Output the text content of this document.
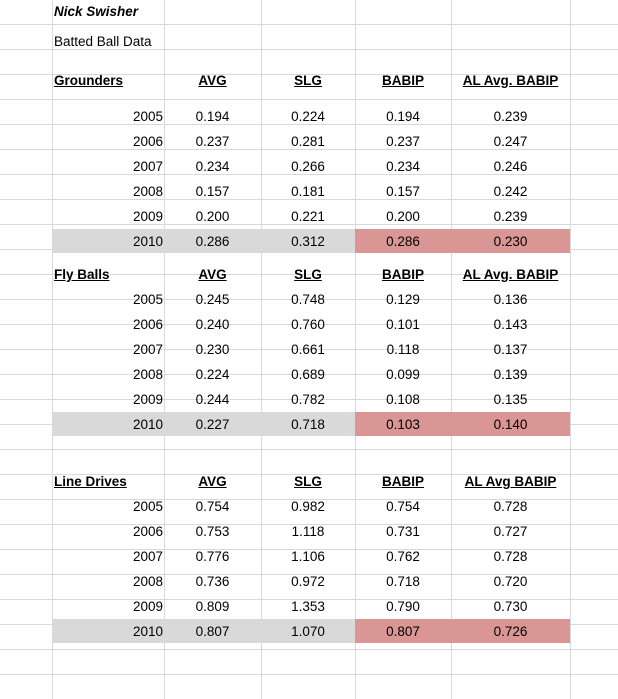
Nick Swisher
Batted Ball Data
Grounders	AVG	SLG	BABIP	AL Avg. BABIP
2005	0.194	0.224	0.194	0.239
2006	0.237	0.281	0.237	0.247
2007	0.234	0.266	0.234	0.246
2008	0.157	0.181	0.157	0.242
2009	0.200	0.221	0.200	0.239
2010	0.286	0.312	0.286	0.230
Fly Balls	AVG	SLG	BABIP	AL Avg. BABIP
2005	0.245	0.748	0.129	0.136
2006	0.240	0.760	0.101	0.143
2007	0.230	0.661	0.118	0.137
2008	0.224	0.689	0.099	0.139
2009	0.244	0.782	0.108	0.135
2010	0.227	0.718	0.103	0.140
Line Drives	AVG	SLG	BABIP	AL Avg BABIP
2005	0.754	0.982	0.754	0.728
2006	0.753	1.118	0.731	0.727
2007	0.776	1.106	0.762	0.728
2008	0.736	0.972	0.718	0.720
2009	0.809	1.353	0.790	0.730
2010	0.807	1.070	0.807	0.726
